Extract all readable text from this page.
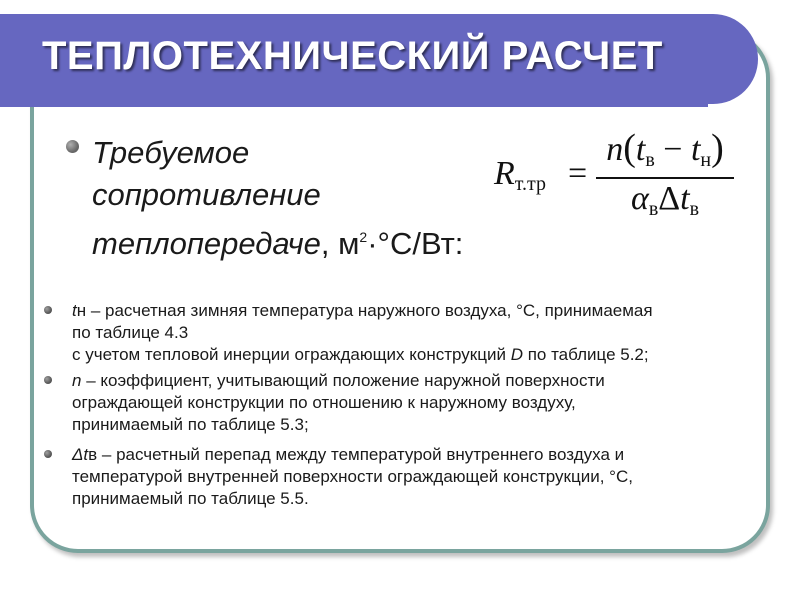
ТЕПЛОТЕХНИЧЕСКИЙ РАСЧЕТ
Требуемое
сопротивление
теплопередаче, $м^2\cdot^\circ С/Вт$:
Rт.тр =
n(tв − tн)
αвΔtв
tн – расчетная зимняя температура наружного воздуха, °С, принимаемая
по таблице 4.3
с учетом тепловой инерции ограждающих конструкций D по таблице 5.2;
n – коэффициент, учитывающий положение наружной поверхности
ограждающей конструкции по отношению к наружному воздуху,
принимаемый по таблице 5.3;
Δtв – расчетный перепад между температурой внутреннего воздуха и
температурой внутренней поверхности ограждающей конструкции, °С,
принимаемый по таблице 5.5.
